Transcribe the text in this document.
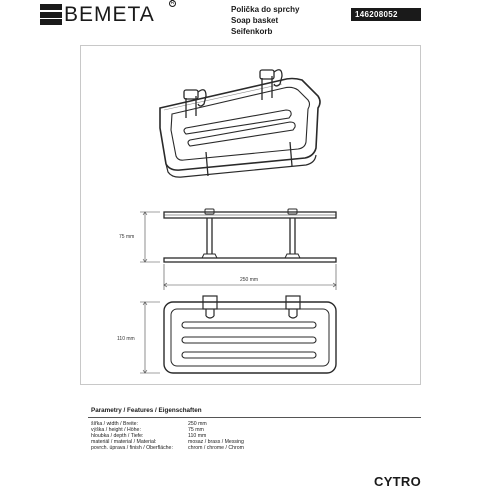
BEMETA	R
Polička do sprchy
Soap basket
Seifenkorb
146208052
75 mm
250 mm
110 mm
Parametry / Features / Eigenschaften
šířka / width / Breite:	250 mm
výška / height / Höhe:	75 mm
hloubka / depth / Tiefe:	110 mm
materiál / material / Material:	mosaz / brass / Messing
povrch. úprava / finish / Oberfläche:	chrom / chrome / Chrom
CYTRO
